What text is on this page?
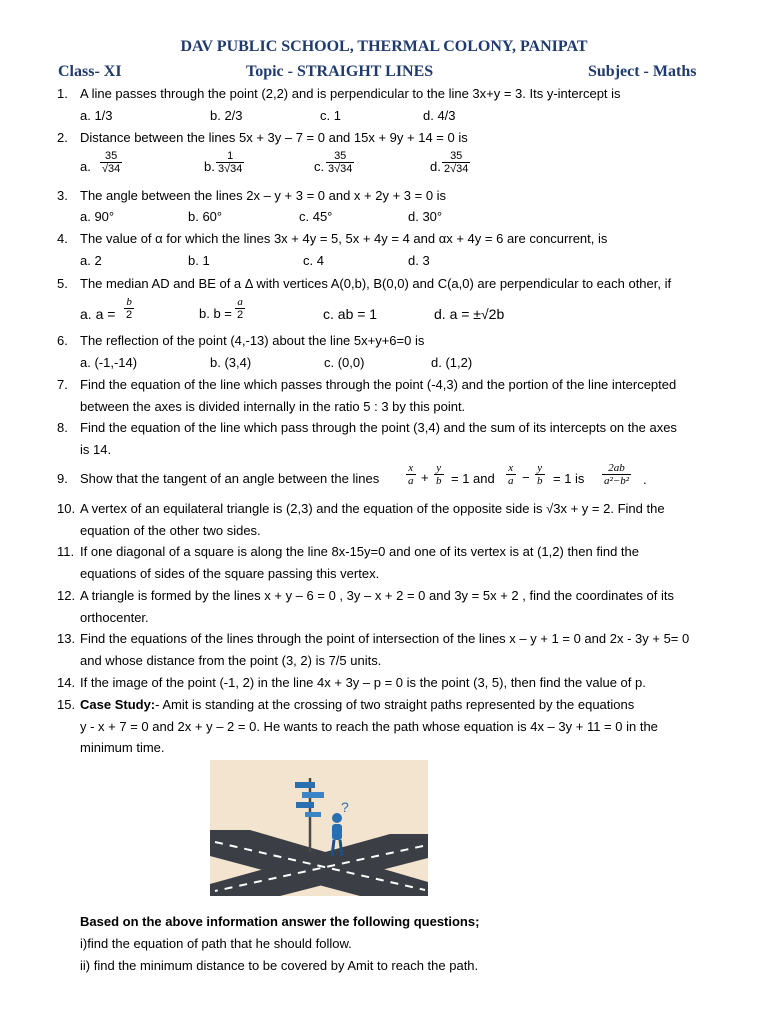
DAV PUBLIC SCHOOL, THERMAL COLONY, PANIPAT
Class- XI	Topic - STRAIGHT LINES	Subject - Maths
1. A line passes through the point (2,2) and is perpendicular to the line 3x+y = 3. Its y-intercept is
a. 1/3	b. 2/3	c. 1	d. 4/3
2. Distance between the lines 5x + 3y – 7 = 0 and 15x + 9y + 14 = 0 is
a. $\frac{35}{√34}$	b. $\frac{1}{3√34}$	c. $\frac{35}{3√34}$	d. $\frac{35}{2√34}$
3. The angle between the lines 2x – y + 3 = 0 and x + 2y + 3 = 0 is
a. 90°	b. 60°	c. 45°	d. 30°
4. The value of α for which the lines 3x + 4y = 5, 5x + 4y = 4 and αx + 4y = 6 are concurrent, is
a. 2	b. 1	c. 4	d. 3
5. The median AD and BE of a Δ with vertices A(0,b), B(0,0) and C(a,0) are perpendicular to each other, if
a. $a = \frac{b}{2}$	b. $b = \frac{a}{2}$	c. ab = 1	d. a = ±√2b
6. The reflection of the point (4,-13) about the line 5x+y+6=0 is
a. (-1,-14)	b. (3,4)	c. (0,0)	d. (1,2)
7. Find the equation of the line which passes through the point (-4,3) and the portion of the line intercepted
between the axes is divided internally in the ratio 5 : 3 by this point.
8. Find the equation of the line which pass through the point (3,4) and the sum of its intercepts on the axes
is 14.
9. Show that the tangent of an angle between the lines $\frac{x}{a} + \frac{y}{b} = 1$ and $\frac{x}{a} - \frac{y}{b} = 1$ is $\frac{2ab}{\text{a²−b²}}$ .
10. A vertex of an equilateral triangle is (2,3) and the equation of the opposite side is √3x + y = 2. Find the
equation of the other two sides.
11. If one diagonal of a square is along the line 8x-15y=0 and one of its vertex is at (1,2) then find the
equations of sides of the square passing this vertex.
12. A triangle is formed by the lines x + y – 6 = 0 , 3y – x + 2 = 0 and 3y = 5x + 2 , find the coordinates of its
orthocenter.
13. Find the equations of the lines through the point of intersection of the lines x – y + 1 = 0 and 2x - 3y + 5= 0
and whose distance from the point (3, 2) is 7/5 units.
14. If the image of the point (-1, 2) in the line 4x + 3y – p = 0 is the point (3, 5), then find the value of p.
15. Case Study:- Amit is standing at the crossing of two straight paths represented by the equations
y - x + 7 = 0 and 2x + y – 2 = 0. He wants to reach the path whose equation is 4x – 3y + 11 = 0 in the
minimum time.
?
Based on the above information answer the following questions;
i)find the equation of path that he should follow.
ii) find the minimum distance to be covered by Amit to reach the path.
